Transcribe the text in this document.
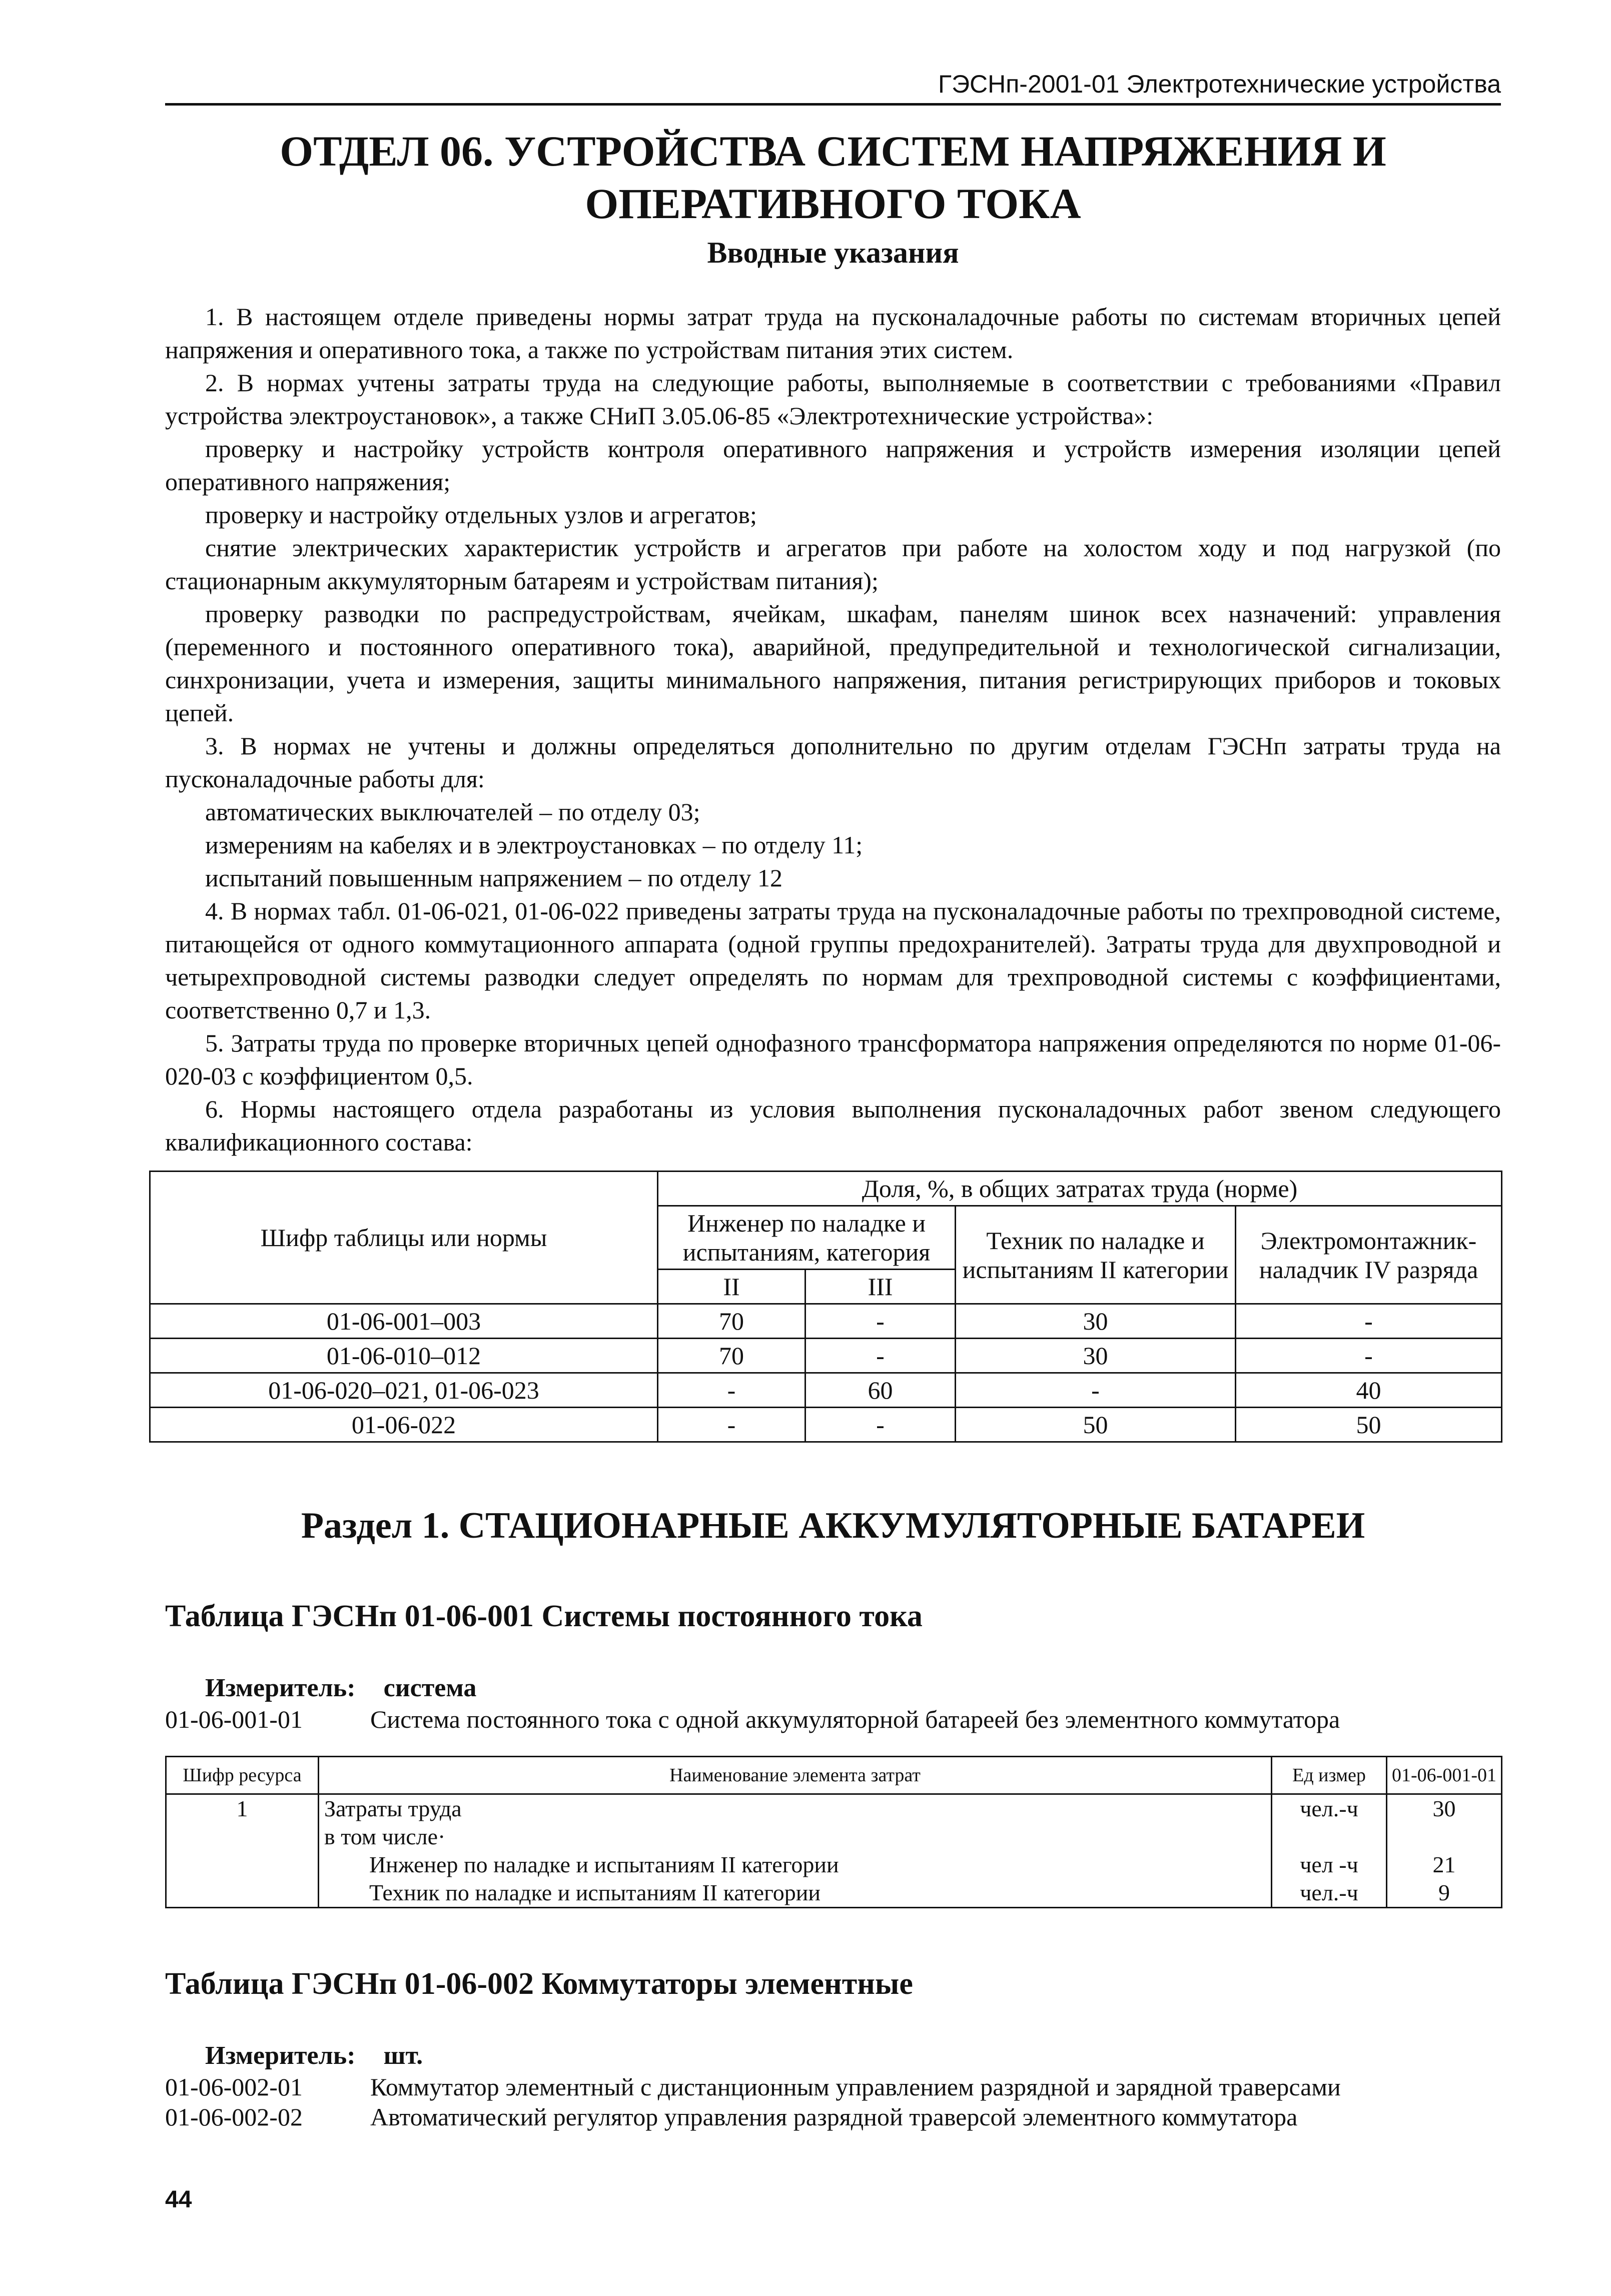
ГЭСНп-2001-01 Электротехнические устройства
ОТДЕЛ 06. УСТРОЙСТВА СИСТЕМ НАПРЯЖЕНИЯ И ОПЕРАТИВНОГО ТОКА
Вводные указания

1. В настоящем отделе приведены нормы затрат труда на пусконаладочные работы по системам вторичных цепей напряжения и оперативного тока, а также по устройствам питания этих систем.

2. В нормах учтены затраты труда на следующие работы, выполняемые в соответствии с требованиями «Правил устройства электроустановок», а также СНиП 3.05.06-85 «Электротехнические устройства»:

проверку и настройку устройств контроля оперативного напряжения и устройств измерения изоляции цепей оперативного напряжения;

проверку и настройку отдельных узлов и агрегатов;

снятие электрических характеристик устройств и агрегатов при работе на холостом ходу и под нагрузкой (по стационарным аккумуляторным батареям и устройствам питания);

проверку разводки по распредустройствам, ячейкам, шкафам, панелям шинок всех назначений: управления (переменного и постоянного оперативного тока), аварийной, предупредительной и технологической сигнализации, синхронизации, учета и измерения, защиты минимального напряжения, питания регистрирующих приборов и токовых цепей.

3. В нормах не учтены и должны определяться дополнительно по другим отделам ГЭСНп затраты труда на пусконаладочные работы для:

автоматических выключателей – по отделу 03;

измерениям на кабелях и в электроустановках – по отделу 11;

испытаний повышенным напряжением – по отделу 12

4. В нормах табл. 01-06-021, 01-06-022 приведены затраты труда на пусконаладочные работы по трехпроводной системе, питающейся от одного коммутационного аппарата (одной группы предохранителей). Затраты труда для двухпроводной и четырехпроводной системы разводки следует определять по нормам для трехпроводной системы с коэффициентами, соответственно 0,7 и 1,3.

5. Затраты труда по проверке вторичных цепей однофазного трансформатора напряжения определяются по норме 01-06-020-03 с коэффициентом 0,5.

6. Нормы настоящего отдела разработаны из условия выполнения пусконаладочных работ звеном следующего квалификационного состава:

Шифр таблицы или нормы	Доля, %, в общих затратах труда (норме)			
	Инженер по наладке и испытаниям, категория		Техник по наладке и испытаниям II категории	Электромонтажник-наладчик IV разряда
	II	III		
01-06-001–003	70	-	30	-
01-06-010–012	70	-	30	-
01-06-020–021, 01-06-023	-	60	-	40
01-06-022	-	-	50	50
Раздел 1. СТАЦИОНАРНЫЕ АККУМУЛЯТОРНЫЕ БАТАРЕИ
Таблица ГЭСНп 01-06-001 Системы постоянного тока
Измеритель: система
01-06-001-01	Система постоянного тока с одной аккумуляторной батареей без элементного коммутатора
Шифр ресурса	Наименование элемента затрат	Ед измер	01-06-001-01
1	Затраты труда	чел.-ч	30
	в том числе·		
	Инженер по наладке и испытаниям II категории	чел -ч	21
	Техник по наладке и испытаниям II категории	чел.-ч	9
Таблица ГЭСНп 01-06-002 Коммутаторы элементные
Измеритель: шт.
01-06-002-01	Коммутатор элементный с дистанционным управлением разрядной и зарядной траверсами
01-06-002-02	Автоматический регулятор управления разрядной траверсой элементного коммутатора
44
